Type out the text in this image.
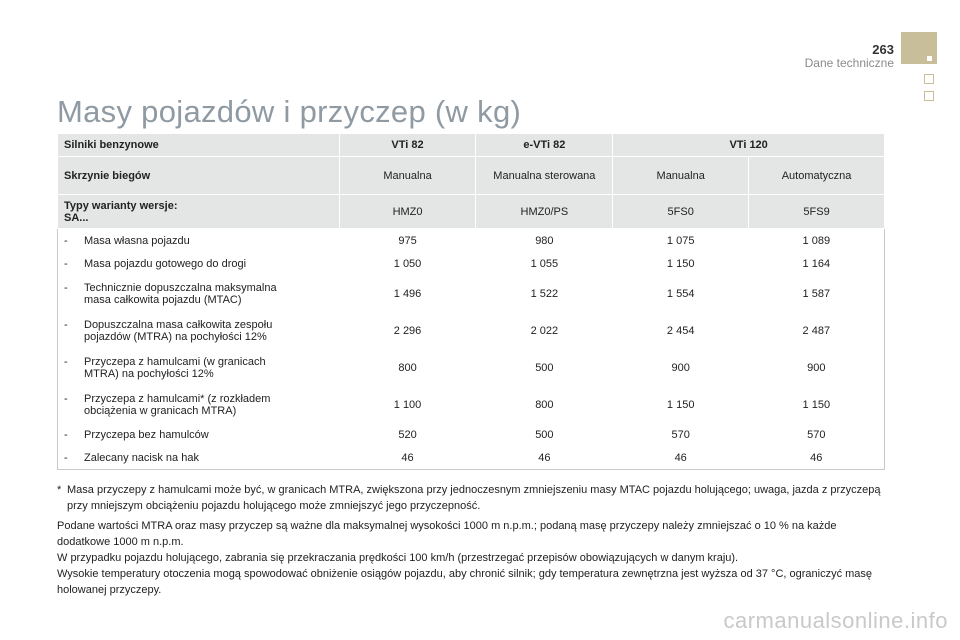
263
Dane techniczne
Masy pojazdów i przyczep (w kg)
Silniki benzynowe	VTi 82	e-VTi 82	VTi 120	
Skrzynie biegów	Manualna	Manualna sterowana	Manualna	Automatyczna

Typy warianty wersje:
SA...	HMZ0	HMZ0/PS	5FS0	5FS9

- Masa własna pojazdu	975	980	1 075	1 089

- Masa pojazdu gotowego do drogi	1 050	1 055	1 150	1 164

- Technicznie dopuszczalna maksymalna
masa całkowita pojazdu (MTAC)	1 496	1 522	1 554	1 587

- Dopuszczalna masa całkowita zespołu
pojazdów (MTRA) na pochyłości 12%	2 296	2 022	2 454	2 487

- Przyczepa z hamulcami (w granicach
MTRA) na pochyłości 12%	800	500	900	900

- Przyczepa z hamulcami* (z rozkładem
obciążenia w granicach MTRA)	1 100	800	1 150	1 150

- Przyczepa bez hamulców	520	500	570	570

- Zalecany nacisk na hak	46	46	46	46
* Masa przyczepy z hamulcami może być, w granicach MTRA, zwiększona przy jednoczesnym zmniejszeniu masy MTAC pojazdu holującego; uwaga, jazda z przyczepą przy mniejszym obciążeniu pojazdu holującego może zmniejszyć jego przyczepność.

Podane wartości MTRA oraz masy przyczep są ważne dla maksymalnej wysokości 1000 m n.p.m.; podaną masę przyczepy należy zmniejszać o 10 % na każde dodatkowe 1000 m n.p.m.

W przypadku pojazdu holującego, zabrania się przekraczania prędkości 100 km/h (przestrzegać przepisów obowiązujących w danym kraju).

Wysokie temperatury otoczenia mogą spowodować obniżenie osiągów pojazdu, aby chronić silnik; gdy temperatura zewnętrzna jest wyższa od 37 °C, ograniczyć masę holowanej przyczepy.

carmanualsonline.info
